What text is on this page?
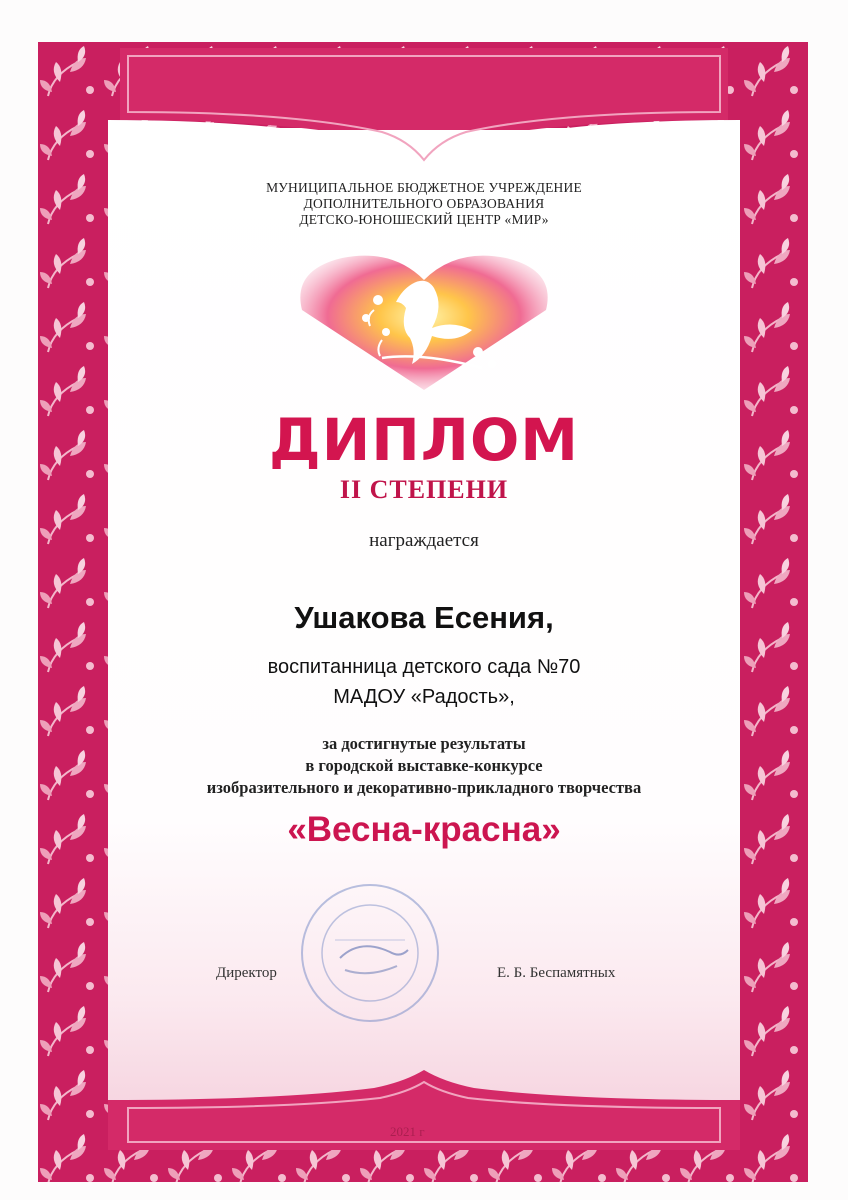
МУНИЦИПАЛЬНОЕ БЮДЖЕТНОЕ УЧРЕЖДЕНИЕ
ДОПОЛНИТЕЛЬНОГО ОБРАЗОВАНИЯ
ДЕТСКО-ЮНОШЕСКИЙ ЦЕНТР «МИР»
ДИПЛОМ
II СТЕПЕНИ
награждается
Ушакова Есения,
воспитанница детского сада №70
МАДОУ «Радость»,
за достигнутые результаты
в городской выставке-конкурсе
изобразительного и декоративно-прикладного творчества
«Весна-красна»
Директор	Е. Б. Беспамятных
2021 г
